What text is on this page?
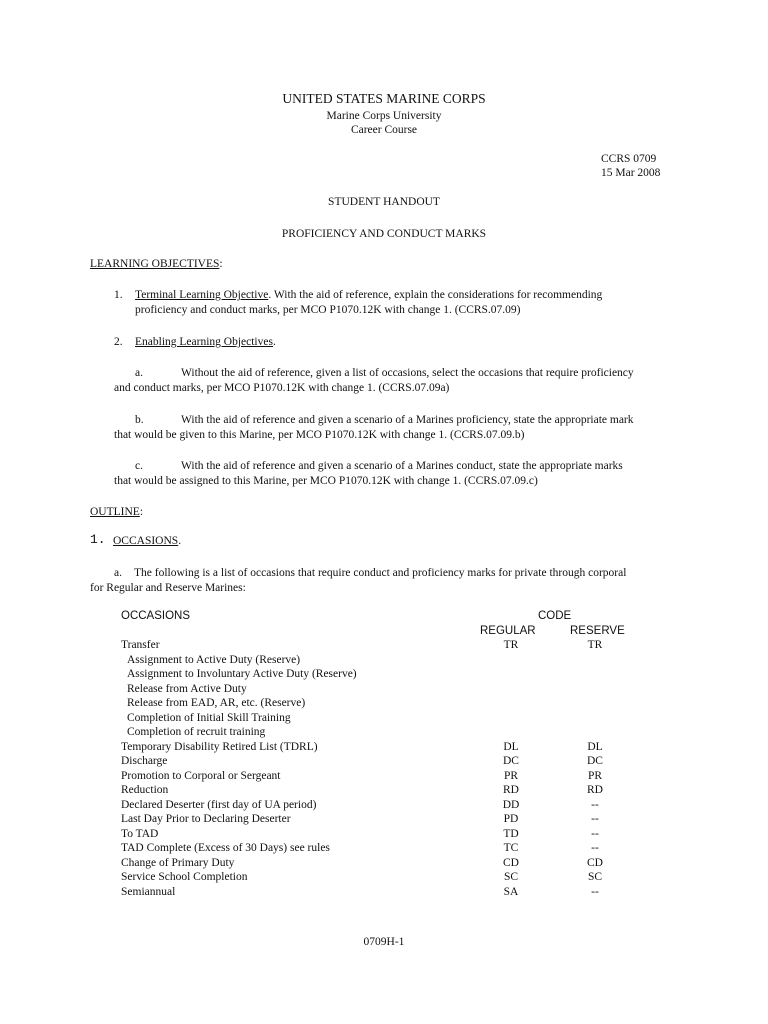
UNITED STATES MARINE CORPS
Marine Corps University
Career Course
CCRS 0709
15 Mar 2008
STUDENT HANDOUT
PROFICIENCY AND CONDUCT MARKS
LEARNING OBJECTIVES:
1. Terminal Learning Objective. With the aid of reference, explain the considerations for recommending
proficiency and conduct marks, per MCO P1070.12K with change 1. (CCRS.07.09)
2. Enabling Learning Objectives.
a.	Without the aid of reference, given a list of occasions, select the occasions that require proficiency
and conduct marks, per MCO P1070.12K with change 1. (CCRS.07.09a)
b.	With the aid of reference and given a scenario of a Marines proficiency, state the appropriate mark
that would be given to this Marine, per MCO P1070.12K with change 1. (CCRS.07.09.b)
c.	With the aid of reference and given a scenario of a Marines conduct, state the appropriate marks
that would be assigned to this Marine, per MCO P1070.12K with change 1. (CCRS.07.09.c)
OUTLINE:
1. OCCASIONS.
a. The following is a list of occasions that require conduct and proficiency marks for private through corporal
for Regular and Reserve Marines:
OCCASIONS	CODE
REGULAR	RESERVE
Transfer	TR	TR
Assignment to Active Duty (Reserve)
Assignment to Involuntary Active Duty (Reserve)
Release from Active Duty
Release from EAD, AR, etc. (Reserve)
Completion of Initial Skill Training
Completion of recruit training
Temporary Disability Retired List (TDRL)	DL	DL
Discharge	DC	DC
Promotion to Corporal or Sergeant	PR	PR
Reduction	RD	RD
Declared Deserter (first day of UA period)	DD	--
Last Day Prior to Declaring Deserter	PD	--
To TAD	TD	--
TAD Complete (Excess of 30 Days) see rules	TC	--
Change of Primary Duty	CD	CD
Service School Completion	SC	SC
Semiannual	SA	--
0709H-1
